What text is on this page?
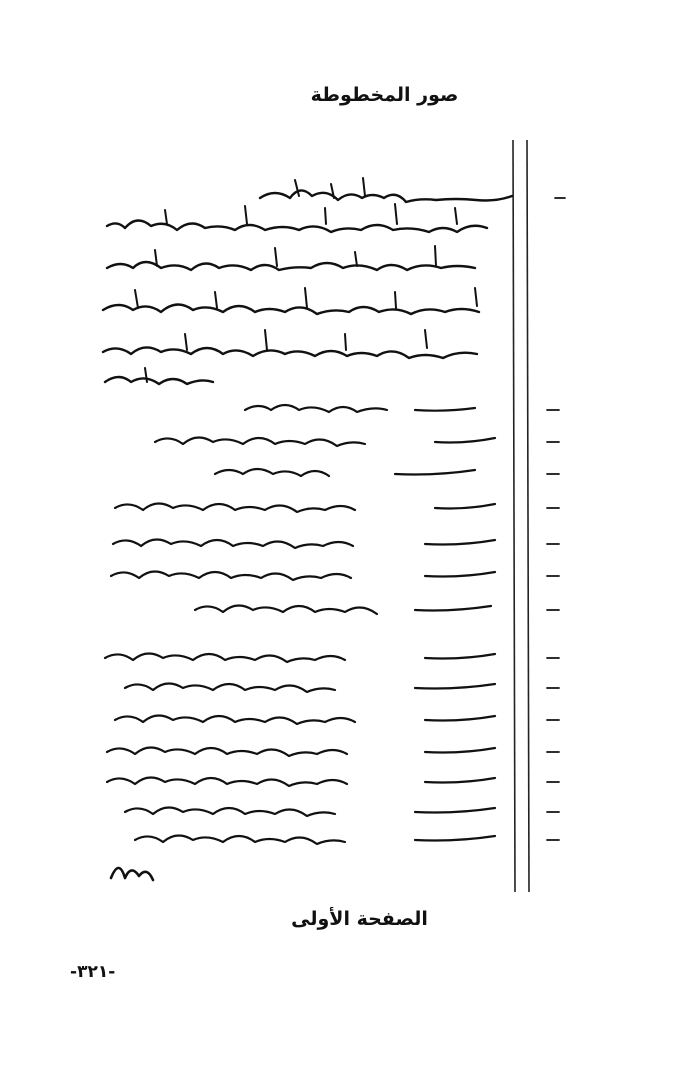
صور المخطوطة
الصفحة الأولى
-٣٢١-
